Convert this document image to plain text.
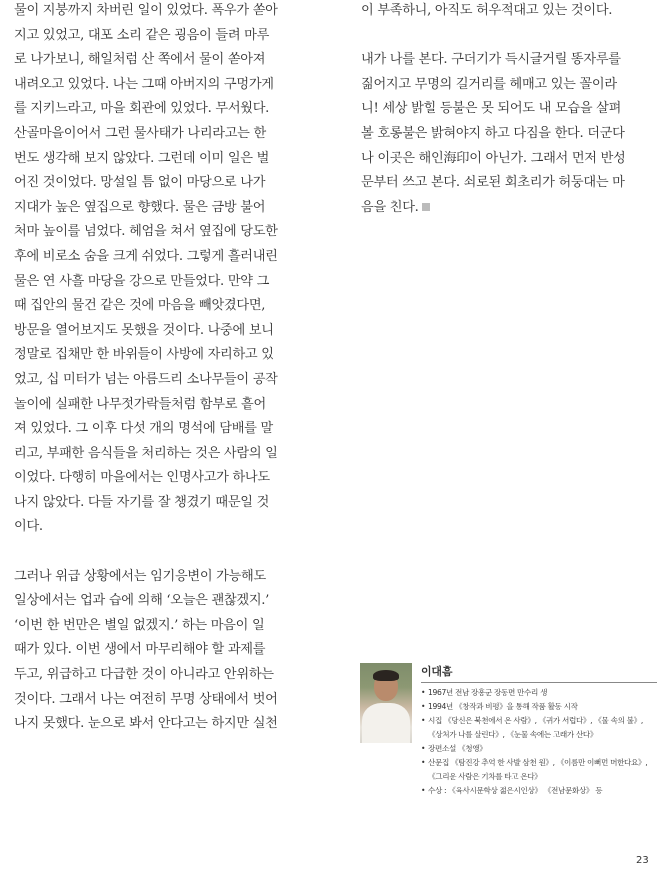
물이 지붕까지 차버린 일이 있었다. 폭우가 쏟아
지고 있었고, 대포 소리 같은 굉음이 들려 마루
로 나가보니, 해일처럼 산 쪽에서 물이 쏟아져
내려오고 있었다. 나는 그때 아버지의 구멍가게
를 지키느라고, 마을 회관에 있었다. 무서웠다.
산골마을이어서 그런 물사태가 나리라고는 한
번도 생각해 보지 않았다. 그런데 이미 일은 벌
어진 것이었다. 망설일 틈 없이 마당으로 나가
지대가 높은 옆집으로 향했다. 물은 금방 불어
처마 높이를 넘었다. 헤엄을 쳐서 옆집에 당도한
후에 비로소 숨을 크게 쉬었다. 그렇게 흘러내린
물은 연 사흘 마당을 강으로 만들었다. 만약 그
때 집안의 물건 같은 것에 마음을 빼앗겼다면,
방문을 열어보지도 못했을 것이다. 나중에 보니
정말로 집채만 한 바위들이 사방에 자리하고 있
었고, 십 미터가 넘는 아름드리 소나무들이 공작
놀이에 실패한 나무젓가락들처럼 함부로 흩어
져 있었다. 그 이후 다섯 개의 명석에 담배를 말
리고, 부패한 음식들을 처리하는 것은 사람의 일
이었다. 다행히 마을에서는 인명사고가 하나도
나지 않았다. 다들 자기를 잘 챙겼기 때문일 것
이다.

그러나 위급 상황에서는 임기응변이 가능해도
일상에서는 업과 습에 의해 ‘오늘은 괜찮겠지.’
‘이번 한 번만은 별일 없겠지.’ 하는 마음이 일
때가 있다. 이번 생에서 마무리해야 할 과제를
두고, 위급하고 다급한 것이 아니라고 안위하는
것이다. 그래서 나는 여전히 무명 상태에서 벗어
나지 못했다. 눈으로 봐서 안다고는 하지만 실천

이 부족하니, 아직도 허우적대고 있는 것이다.

내가 나를 본다. 구더기가 득시글거릴 똥자루를
짊어지고 무명의 길거리를 헤매고 있는 꼴이라
니! 세상 밝힐 등불은 못 되어도 내 모습을 살펴
볼 호롱불은 밝혀야지 하고 다짐을 한다. 더군다
나 이곳은 해인海印이 아닌가. 그래서 먼저 반성
문부터 쓰고 본다. 쇠로된 회초리가 허둥대는 마
음을 친다.

이대흠

• 1967년 전남 장흥군 장동면 만수리 생
• 1994년 《창작과 비평》을 통해 작품 활동 시작
• 시집 《당신은 북천에서 온 사람》, 《귀가 서럽다》, 《물 속의 불》, 《상처가 나를 살린다》, 《눈물 속에는 고래가 산다》
• 장편소설 《청앵》
• 산문집 《탐진강 추억 한 사발 삼천 원》, 《이름만 이뻐먼 머한다요》, 《그리운 사람은 기차를 타고 온다》
• 수상 : 《육사시문학상 젊은시인상》 《전남문화상》 등
23
